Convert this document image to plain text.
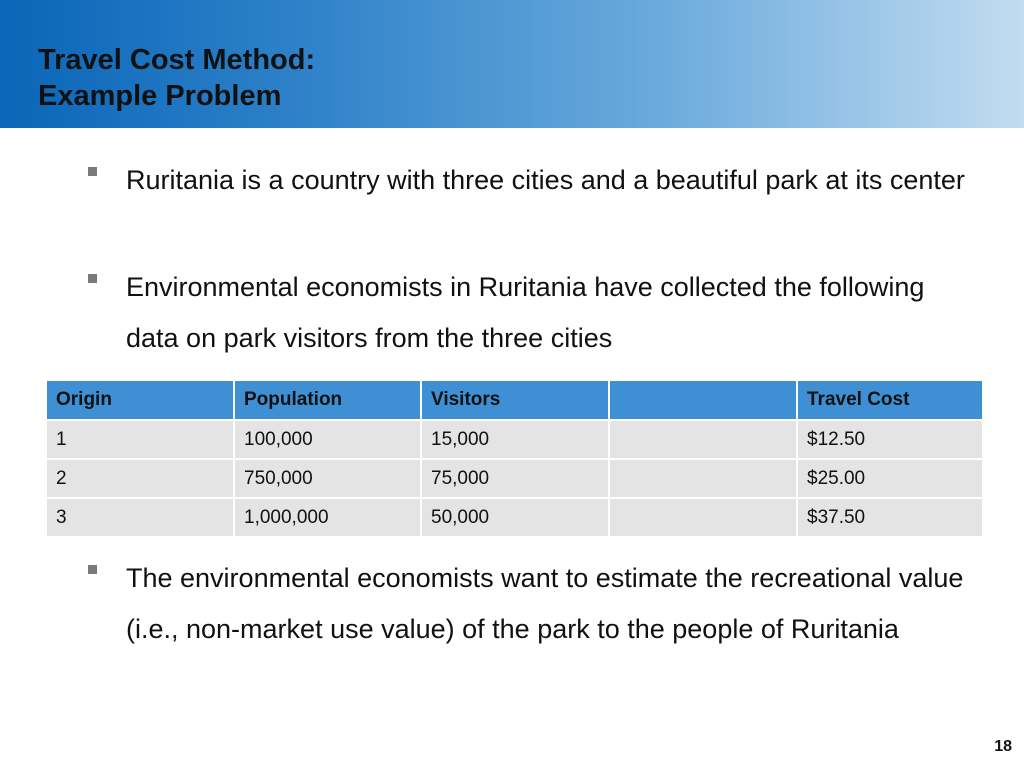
Travel Cost Method:
Example Problem

Ruritania is a country with three cities and a beautiful park at its center

Environmental economists in Ruritania have collected the following data on park visitors from the three cities

The environmental economists want to estimate the recreational value (i.e., non-market use value) of the park to the people of Ruritania

Origin	Population	Visitors		Travel Cost
1	100,000	15,000		$12.50
2	750,000	75,000		$25.00
3	1,000,000	50,000		$37.50
18
